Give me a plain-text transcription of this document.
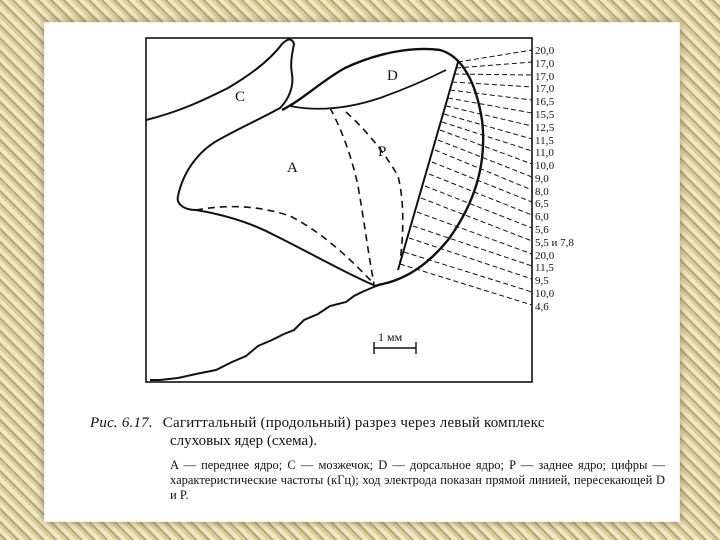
C
D
A
P
1 мм
20,0
17,0
17,0
17,0
16,5
15,5
12,5
11,5
11,0
10,0
9,0
8,0
6,5
6,0
5,6
5,5 и 7,8
20,0
11,5
9,5
10,0
4,6
Рис. 6.17. Сагиттальный (продольный) разрез через левый комплекс
слуховых ядер (схема).
A — переднее ядро; C — мозжечок; D — дорсальное ядро; P — заднее ядро; цифры — характеристические частоты (кГц); ход электрода показан прямой линией, пересекающей D и P.
